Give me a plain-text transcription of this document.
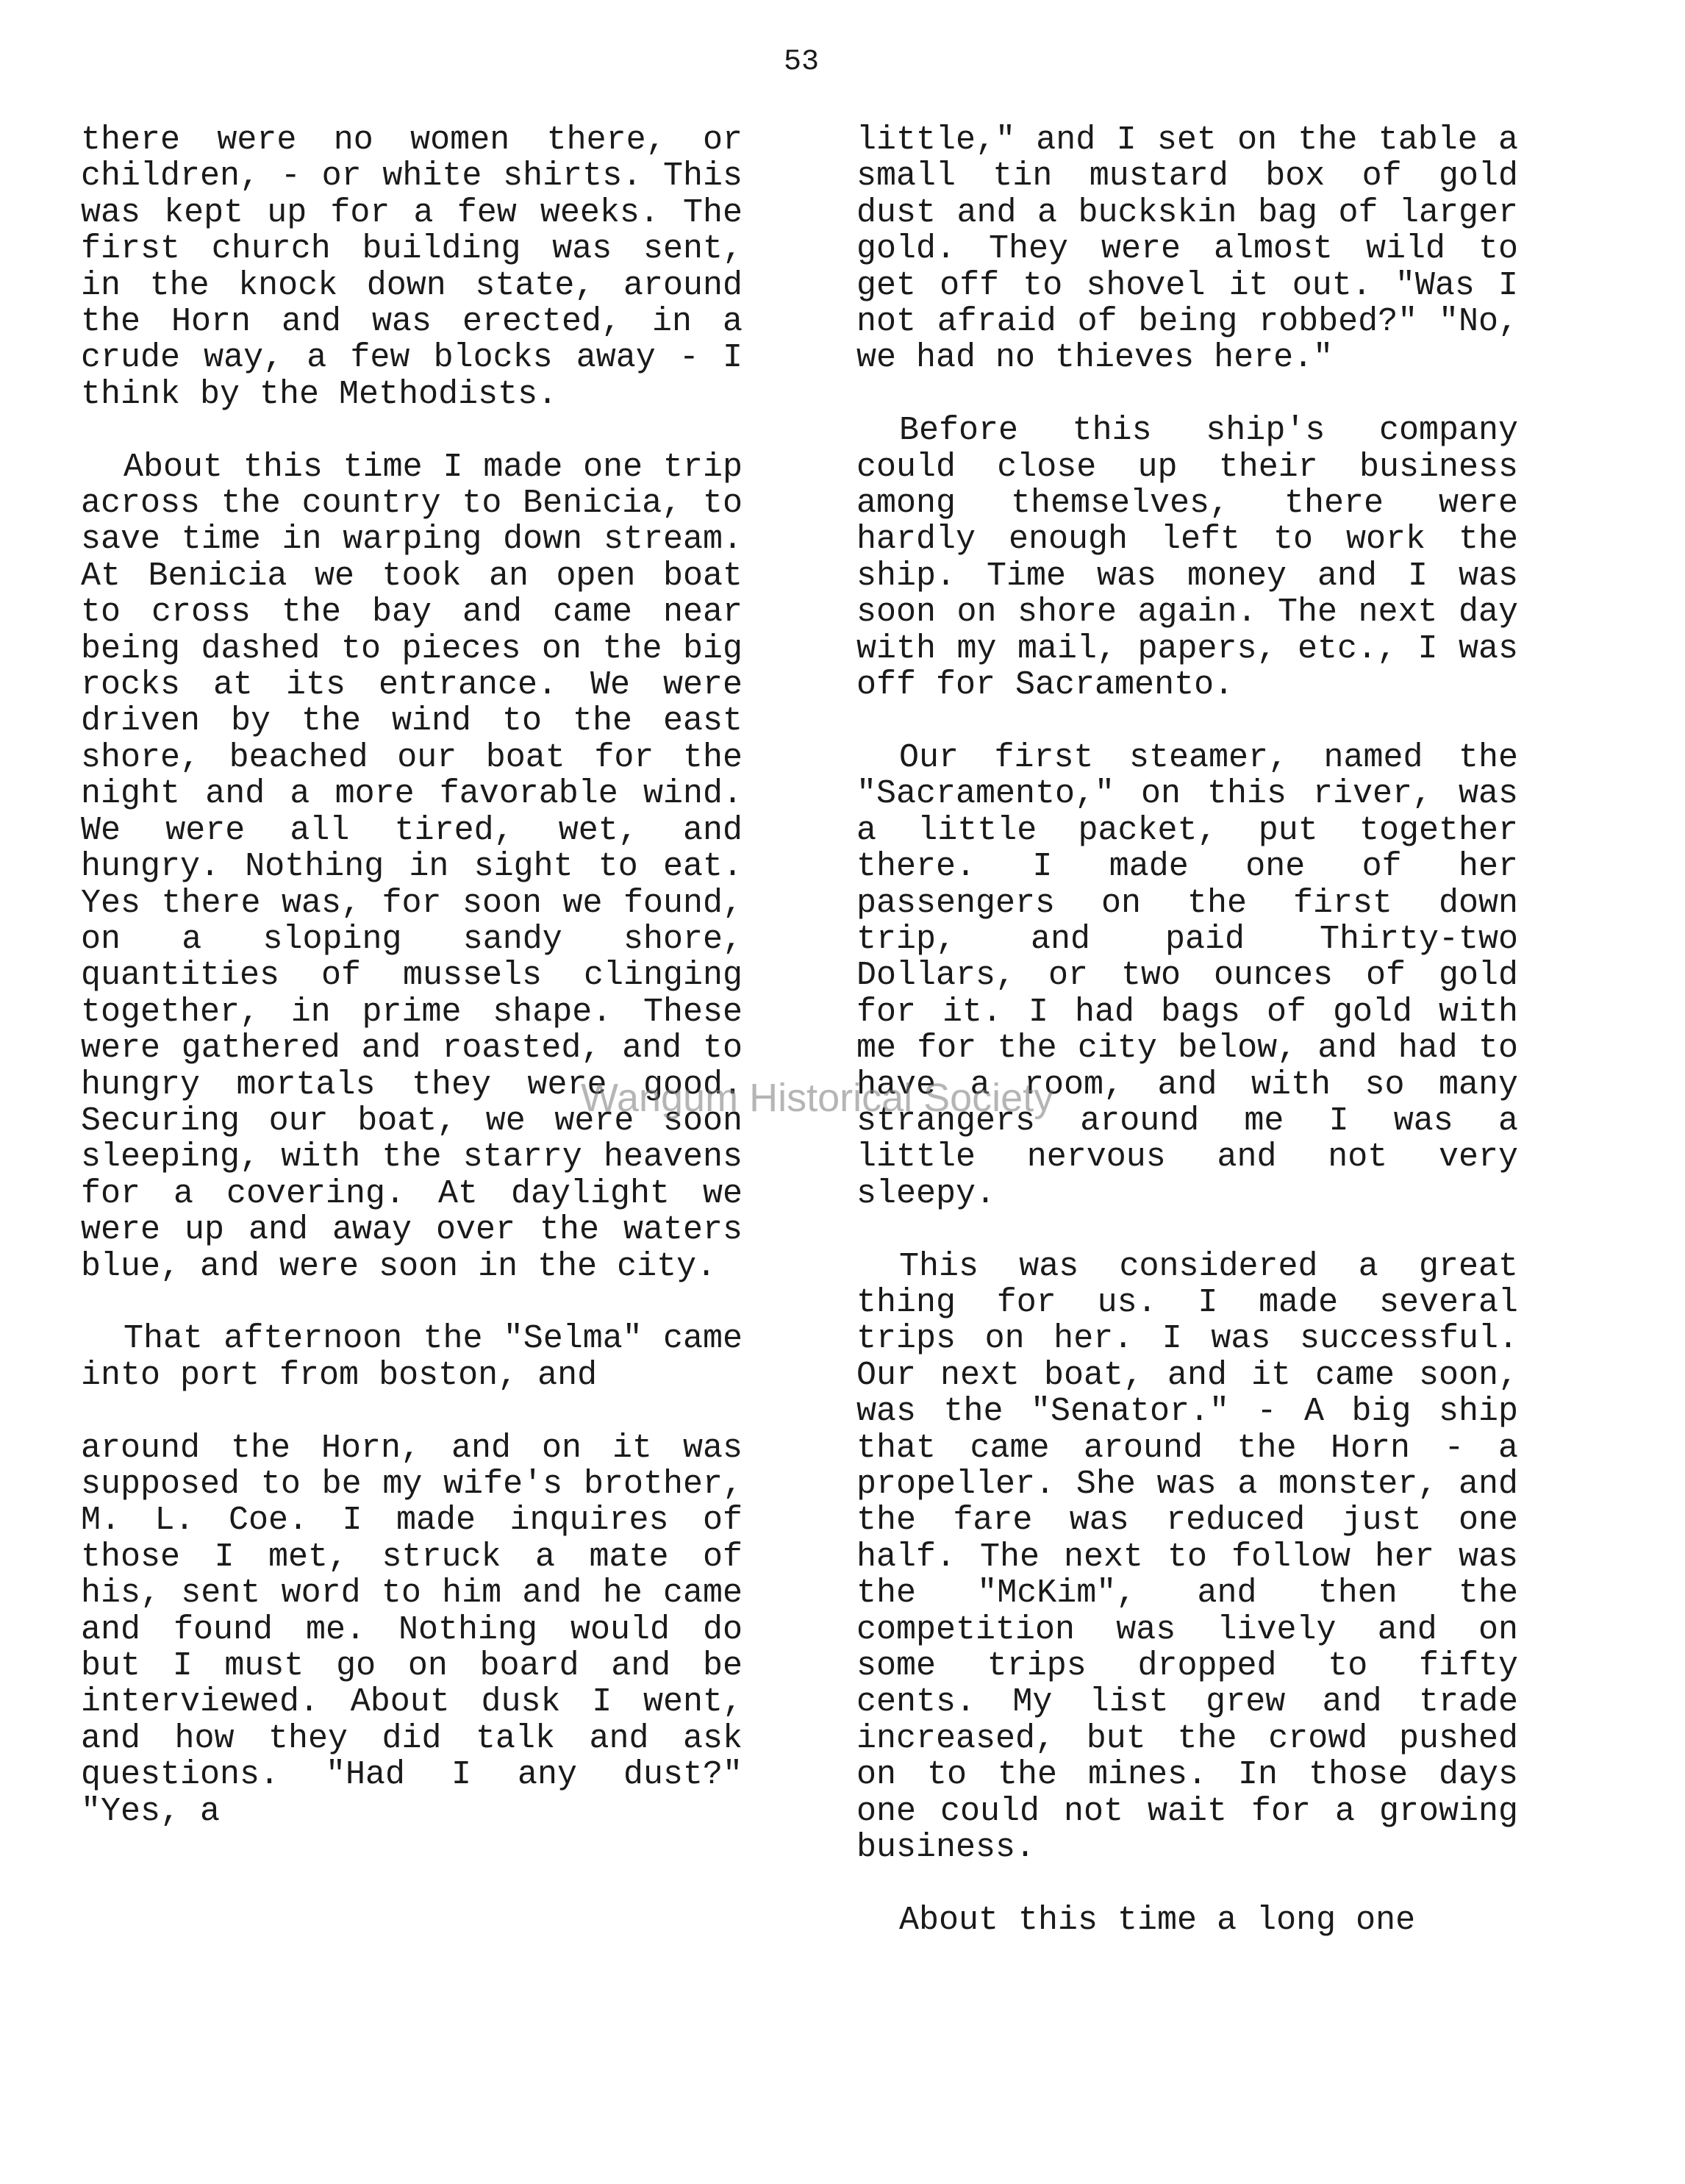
53

there were no women there, or children, - or white shirts. This was kept up for a few weeks. The first church building was sent, in the knock down state, around the Horn and was erected, in a crude way, a few blocks away - I think by the Methodists.

About this time I made one trip across the country to Benicia, to save time in warping down stream. At Benicia we took an open boat to cross the bay and came near being dashed to pieces on the big rocks at its entrance. We were driven by the wind to the east shore, beached our boat for the night and a more favorable wind. We were all tired, wet, and hungry. Nothing in sight to eat. Yes there was, for soon we found, on a sloping sandy shore, quantities of mussels clinging together, in prime shape. These were gathered and roasted, and to hungry mortals they were good. Securing our boat, we were soon sleeping, with the starry heavens for a covering. At daylight we were up and away over the waters blue, and were soon in the city.

That afternoon the "Selma" came into port from boston, and

around the Horn, and on it was supposed to be my wife's brother, M. L. Coe. I made inquires of those I met, struck a mate of his, sent word to him and he came and found me. Nothing would do but I must go on board and be interviewed. About dusk I went, and how they did talk and ask questions. "Had I any dust?" "Yes, a

little," and I set on the table a small tin mustard box of gold dust and a buckskin bag of larger gold. They were almost wild to get off to shovel it out. "Was I not afraid of being robbed?" "No, we had no thieves here."

Before this ship's company could close up their business among themselves, there were hardly enough left to work the ship. Time was money and I was soon on shore again. The next day with my mail, papers, etc., I was off for Sacramento.

Our first steamer, named the "Sacramento," on this river, was a little packet, put together there. I made one of her passengers on the first down trip, and paid Thirty-two Dollars, or two ounces of gold for it. I had bags of gold with me for the city below, and had to have a room, and with so many strangers around me I was a little nervous and not very sleepy.

This was considered a great thing for us. I made several trips on her. I was successful. Our next boat, and it came soon, was the "Senator." - A big ship that came around the Horn - a propeller. She was a monster, and the fare was reduced just one half. The next to follow her was the "McKim", and then the competition was lively and on some trips dropped to fifty cents. My list grew and trade increased, but the crowd pushed on to the mines. In those days one could not wait for a growing business.

About this time a long one

Wangum Historical Society
